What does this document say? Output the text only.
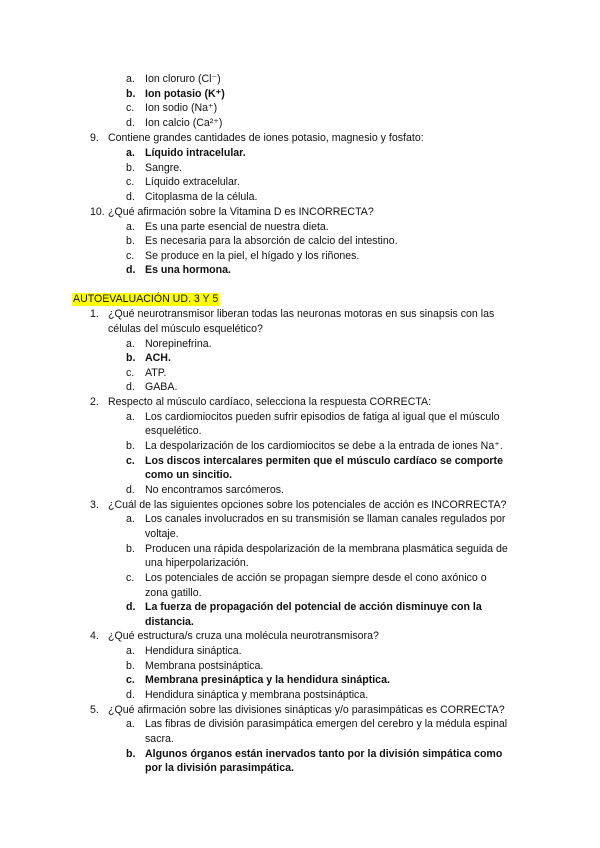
a. Ion cloruro (Cl⁻)
b. Ion potasio (K⁺)
c. Ion sodio (Na⁺)
d. Ion calcio (Ca²⁺)
9. Contiene grandes cantidades de iones potasio, magnesio y fosfato:
a. Líquido intracelular.
b. Sangre.
c. Líquido extracelular.
d. Citoplasma de la célula.
10. ¿Qué afirmación sobre la Vitamina D es INCORRECTA?
a. Es una parte esencial de nuestra dieta.
b. Es necesaria para la absorción de calcio del intestino.
c. Se produce en la piel, el hígado y los riñones.
d. Es una hormona.
AUTOEVALUACIÓN UD. 3 Y 5
1. ¿Qué neurotransmisor liberan todas las neuronas motoras en sus sinapsis con las
células del músculo esquelético?
a. Norepinefrina.
b. ACH.
c. ATP.
d. GABA.
2. Respecto al músculo cardíaco, selecciona la respuesta CORRECTA:
a. Los cardiomiocitos pueden sufrir episodios de fatiga al igual que el músculo
esquelético.
b. La despolarización de los cardiomiocitos se debe a la entrada de iones Na⁺.
c. Los discos intercalares permiten que el músculo cardíaco se comporte
como un sincitio.
d. No encontramos sarcómeros.
3. ¿Cuál de las siguientes opciones sobre los potenciales de acción es INCORRECTA?
a. Los canales involucrados en su transmisión se llaman canales regulados por
voltaje.
b. Producen una rápida despolarización de la membrana plasmática seguida de
una hiperpolarización.
c. Los potenciales de acción se propagan siempre desde el cono axónico o
zona gatillo.
d. La fuerza de propagación del potencial de acción disminuye con la
distancia.
4. ¿Qué estructura/s cruza una molécula neurotransmisora?
a. Hendidura sináptica.
b. Membrana postsináptica.
c. Membrana presináptica y la hendidura sináptica.
d. Hendidura sináptica y membrana postsináptica.
5. ¿Qué afirmación sobre las divisiones sinápticas y/o parasimpáticas es CORRECTA?
a. Las fibras de división parasimpática emergen del cerebro y la médula espinal
sacra.
b. Algunos órganos están inervados tanto por la división simpática como
por la división parasimpática.
